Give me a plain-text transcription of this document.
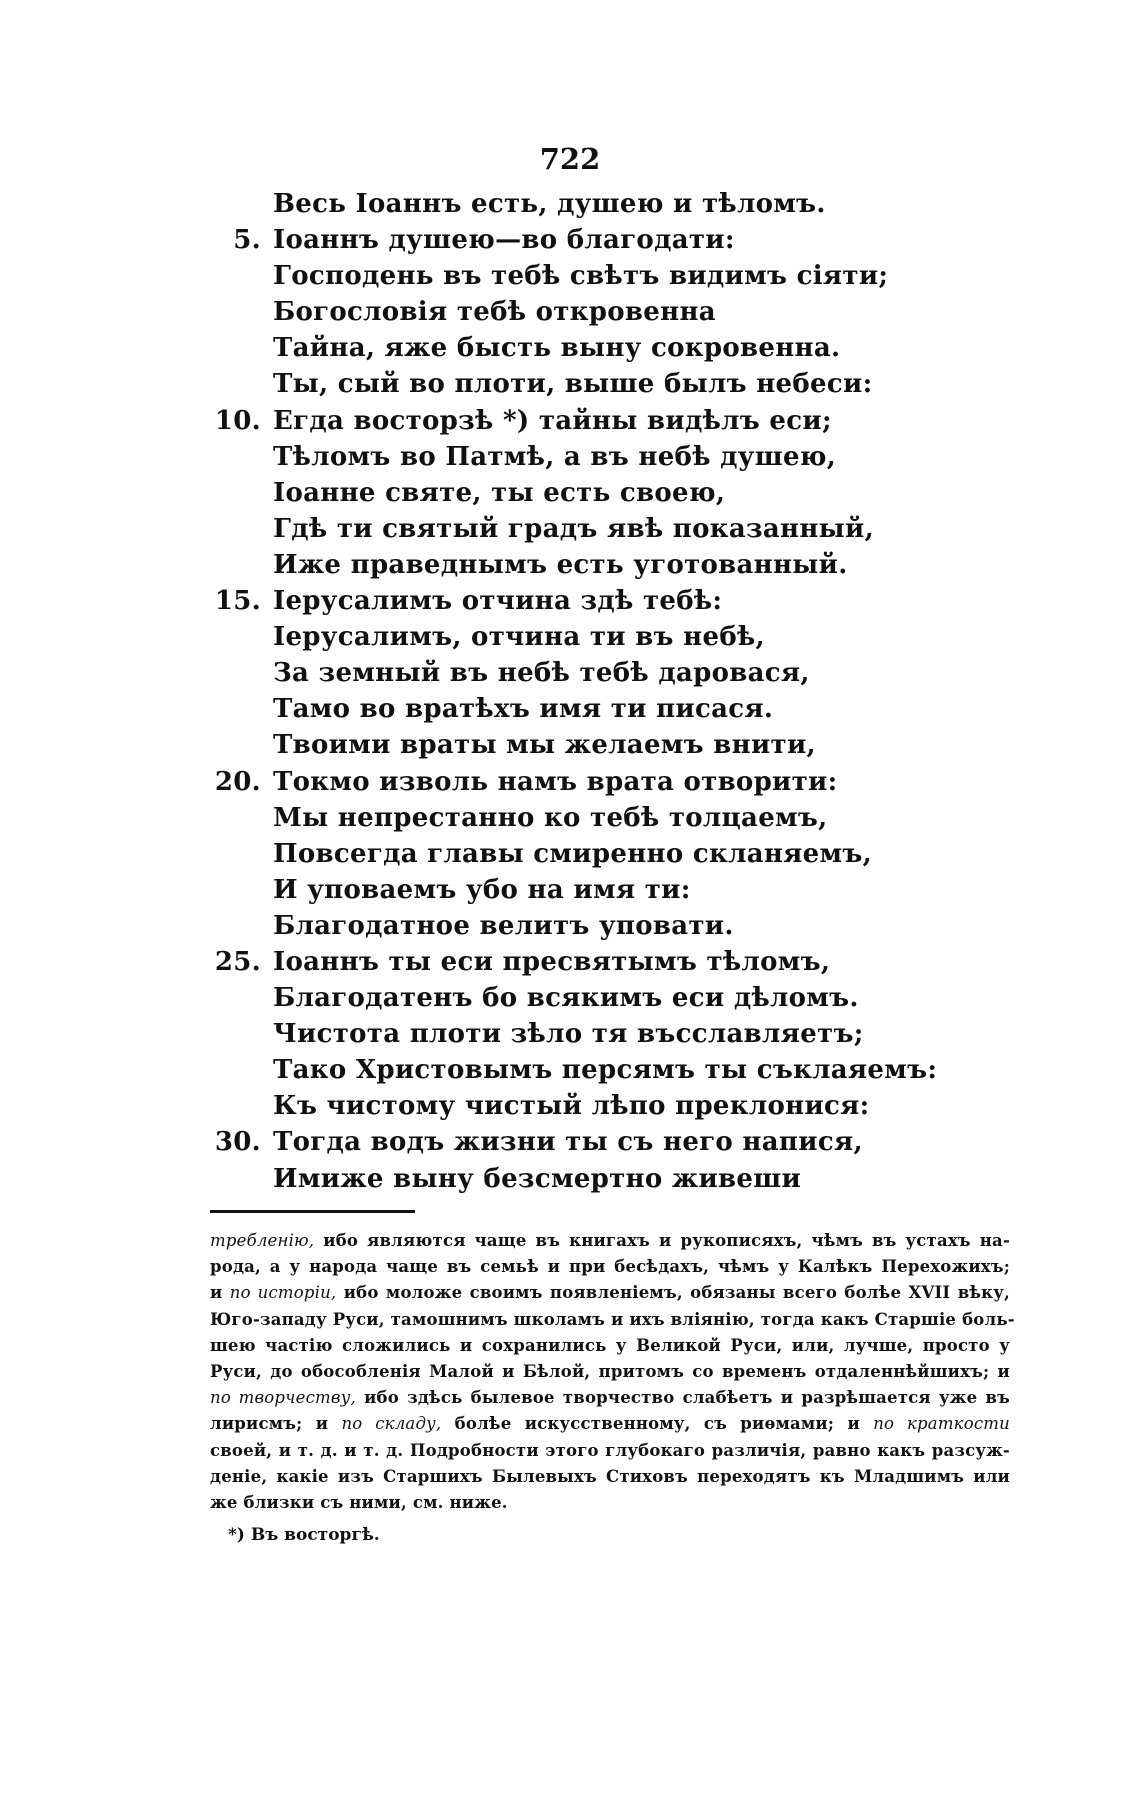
722
Весь Іоаннъ есть, душею и тѣломъ.
5. Іоаннъ душею—во благодати:
Господень въ тебѣ свѣтъ видимъ сіяти;
Богословія тебѣ откровенна
Тайна, яже бысть выну сокровенна.
Ты, сый во плоти, выше былъ небеси:
10. Егда восторзѣ *) тайны видѣлъ еси;
Тѣломъ во Патмѣ, а въ небѣ душею,
Іоанне святе, ты есть своею,
Гдѣ ти святый градъ явѣ показанный,
Иже праведнымъ есть уготованный.
15. Іерусалимъ отчина здѣ тебѣ:
Іерусалимъ, отчина ти въ небѣ,
За земный въ небѣ тебѣ даровася,
Тамо во вратѣхъ имя ти писася.
Твоими враты мы желаемъ внити,
20. Токмо изволь намъ врата отворити:
Мы непрестанно ко тебѣ толцаемъ,
Повсегда главы смиренно скланяемъ,
И уповаемъ убо на имя ти:
Благодатное велитъ уповати.
25. Іоаннъ ты еси пресвятымъ тѣломъ,
Благодатенъ бо всякимъ еси дѣломъ.
Чистота плоти зѣло тя въсславляетъ;
Тако Христовымъ персямъ ты съклаяемъ:
Къ чистому чистый лѣпо преклонися:
30. Тогда водъ жизни ты съ него напися,
Имиже выну безсмертно живеши
требленію, ибо являются чаще въ книгахъ и рукописяхъ, чѣмъ въ устахъ на-
рода, а у народа чаще въ семьѣ и при бесѣдахъ, чѣмъ у Калѣкъ Перехожихъ;
и по исторіи, ибо моложе своимъ появленіемъ, обязаны всего болѣе XVII вѣку,
Юго-западу Руси, тамошнимъ школамъ и ихъ вліянію, тогда какъ Старшіе боль-
шею частію сложились и сохранились у Великой Руси, или, лучше, просто у
Руси, до обособленія Малой и Бѣлой, притомъ со временъ отдаленнѣйшихъ; и
по творчеству, ибо здѣсь былевое творчество слабѣетъ и разрѣшается уже въ
лирисмъ; и по складу, болѣе искусственному, съ риѳмами; и по краткости
своей, и т. д. и т. д. Подробности этого глубокаго различія, равно какъ разсуж-
деніе, какіе изъ Старшихъ Былевыхъ Стиховъ переходятъ къ Младшимъ или
же близки съ ними, см. ниже.
*) Въ восторгѣ.
